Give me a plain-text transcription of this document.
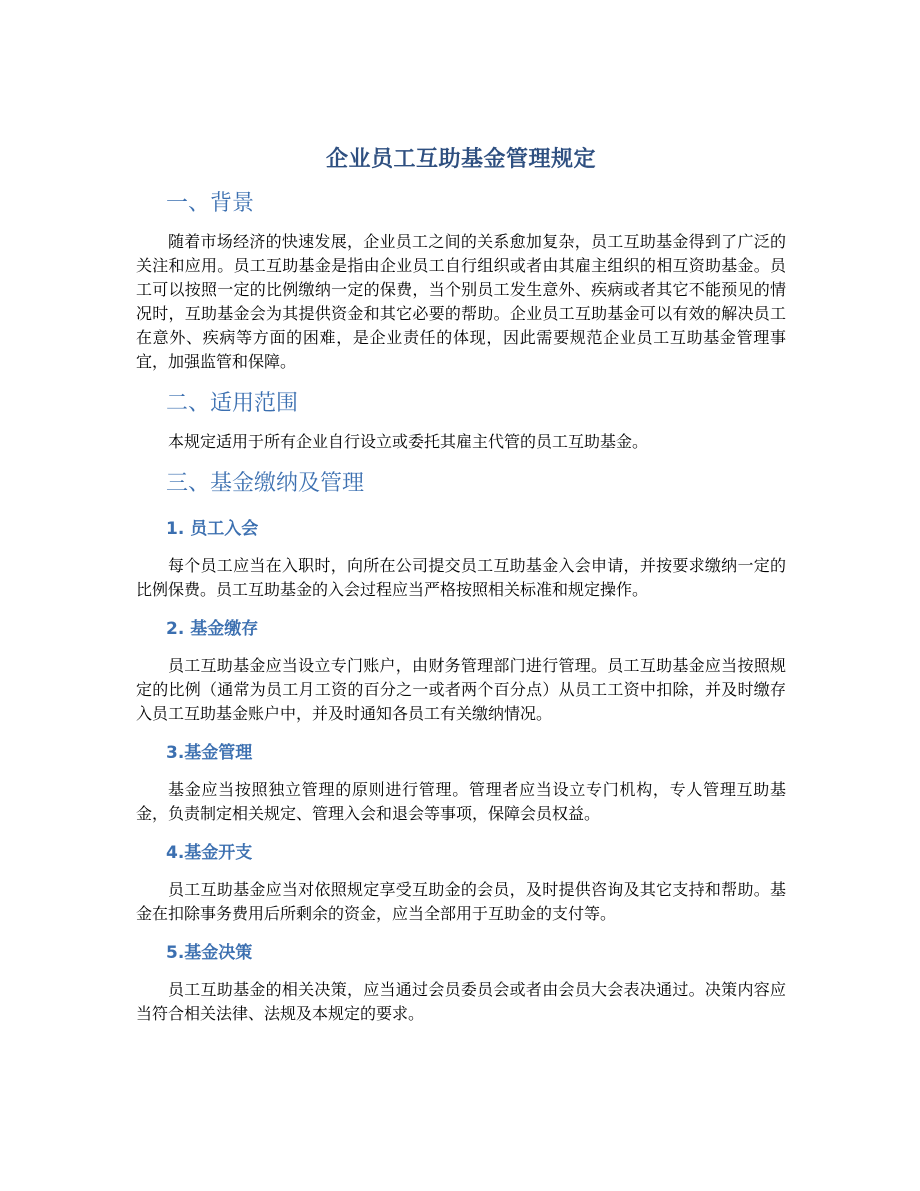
企业员工互助基金管理规定
一、背景

随着市场经济的快速发展，企业员工之间的关系愈加复杂，员工互助基金得到了广泛的关注和应用。员工互助基金是指由企业员工自行组织或者由其雇主组织的相互资助基金。员工可以按照一定的比例缴纳一定的保费，当个别员工发生意外、疾病或者其它不能预见的情况时，互助基金会为其提供资金和其它必要的帮助。企业员工互助基金可以有效的解决员工在意外、疾病等方面的困难，是企业责任的体现，因此需要规范企业员工互助基金管理事宜，加强监管和保障。

二、适用范围

本规定适用于所有企业自行设立或委托其雇主代管的员工互助基金。

三、基金缴纳及管理
1. 员工入会

每个员工应当在入职时，向所在公司提交员工互助基金入会申请，并按要求缴纳一定的比例保费。员工互助基金的入会过程应当严格按照相关标准和规定操作。

2. 基金缴存

员工互助基金应当设立专门账户，由财务管理部门进行管理。员工互助基金应当按照规定的比例（通常为员工月工资的百分之一或者两个百分点）从员工工资中扣除，并及时缴存入员工互助基金账户中，并及时通知各员工有关缴纳情况。

3.基金管理

基金应当按照独立管理的原则进行管理。管理者应当设立专门机构，专人管理互助基金，负责制定相关规定、管理入会和退会等事项，保障会员权益。

4.基金开支

员工互助基金应当对依照规定享受互助金的会员，及时提供咨询及其它支持和帮助。基金在扣除事务费用后所剩余的资金，应当全部用于互助金的支付等。

5.基金决策

员工互助基金的相关决策，应当通过会员委员会或者由会员大会表决通过。决策内容应当符合相关法律、法规及本规定的要求。
